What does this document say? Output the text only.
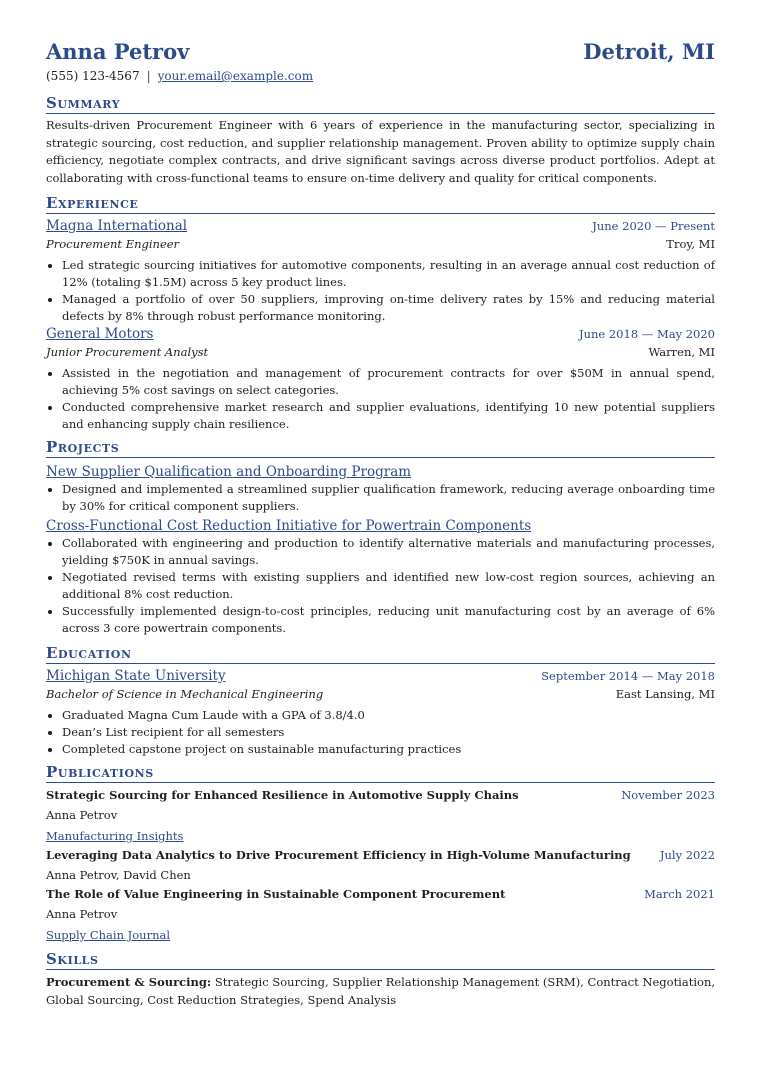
Anna Petrov	Detroit, MI
(555) 123-4567 | your.email@example.com
Summary
Results-driven Procurement Engineer with 6 years of experience in the manufacturing sector, specializing in strategic sourcing, cost reduction, and supplier relationship management. Proven ability to optimize supply chain efficiency, negotiate complex contracts, and drive significant savings across diverse product portfolios. Adept at collaborating with cross-functional teams to ensure on-time delivery and quality for critical components.
Experience
Magna International	June 2020 — Present
Procurement Engineer	Troy, MI
• Led strategic sourcing initiatives for automotive components, resulting in an average annual cost reduction of 12% (totaling $1.5M) across 5 key product lines.
• Managed a portfolio of over 50 suppliers, improving on-time delivery rates by 15% and reducing material defects by 8% through robust performance monitoring.
General Motors	June 2018 — May 2020
Junior Procurement Analyst	Warren, MI
• Assisted in the negotiation and management of procurement contracts for over $50M in annual spend, achieving 5% cost savings on select categories.
• Conducted comprehensive market research and supplier evaluations, identifying 10 new potential suppliers and enhancing supply chain resilience.
Projects
New Supplier Qualification and Onboarding Program
• Designed and implemented a streamlined supplier qualification framework, reducing average onboarding time by 30% for critical component suppliers.
Cross-Functional Cost Reduction Initiative for Powertrain Components
• Collaborated with engineering and production to identify alternative materials and manufacturing processes, yielding $750K in annual savings.
• Negotiated revised terms with existing suppliers and identified new low-cost region sources, achieving an additional 8% cost reduction.
• Successfully implemented design-to-cost principles, reducing unit manufacturing cost by an average of 6% across 3 core powertrain components.
Education
Michigan State University	September 2014 — May 2018
Bachelor of Science in Mechanical Engineering	East Lansing, MI
• Graduated Magna Cum Laude with a GPA of 3.8/4.0
• Dean’s List recipient for all semesters
• Completed capstone project on sustainable manufacturing practices
Publications
Strategic Sourcing for Enhanced Resilience in Automotive Supply Chains	November 2023
Anna Petrov
Manufacturing Insights
Leveraging Data Analytics to Drive Procurement Efficiency in High-Volume Manufacturing	July 2022
Anna Petrov, David Chen
The Role of Value Engineering in Sustainable Component Procurement	March 2021
Anna Petrov
Supply Chain Journal
Skills
Procurement & Sourcing: Strategic Sourcing, Supplier Relationship Management (SRM), Contract Negotiation, Global Sourcing, Cost Reduction Strategies, Spend Analysis
